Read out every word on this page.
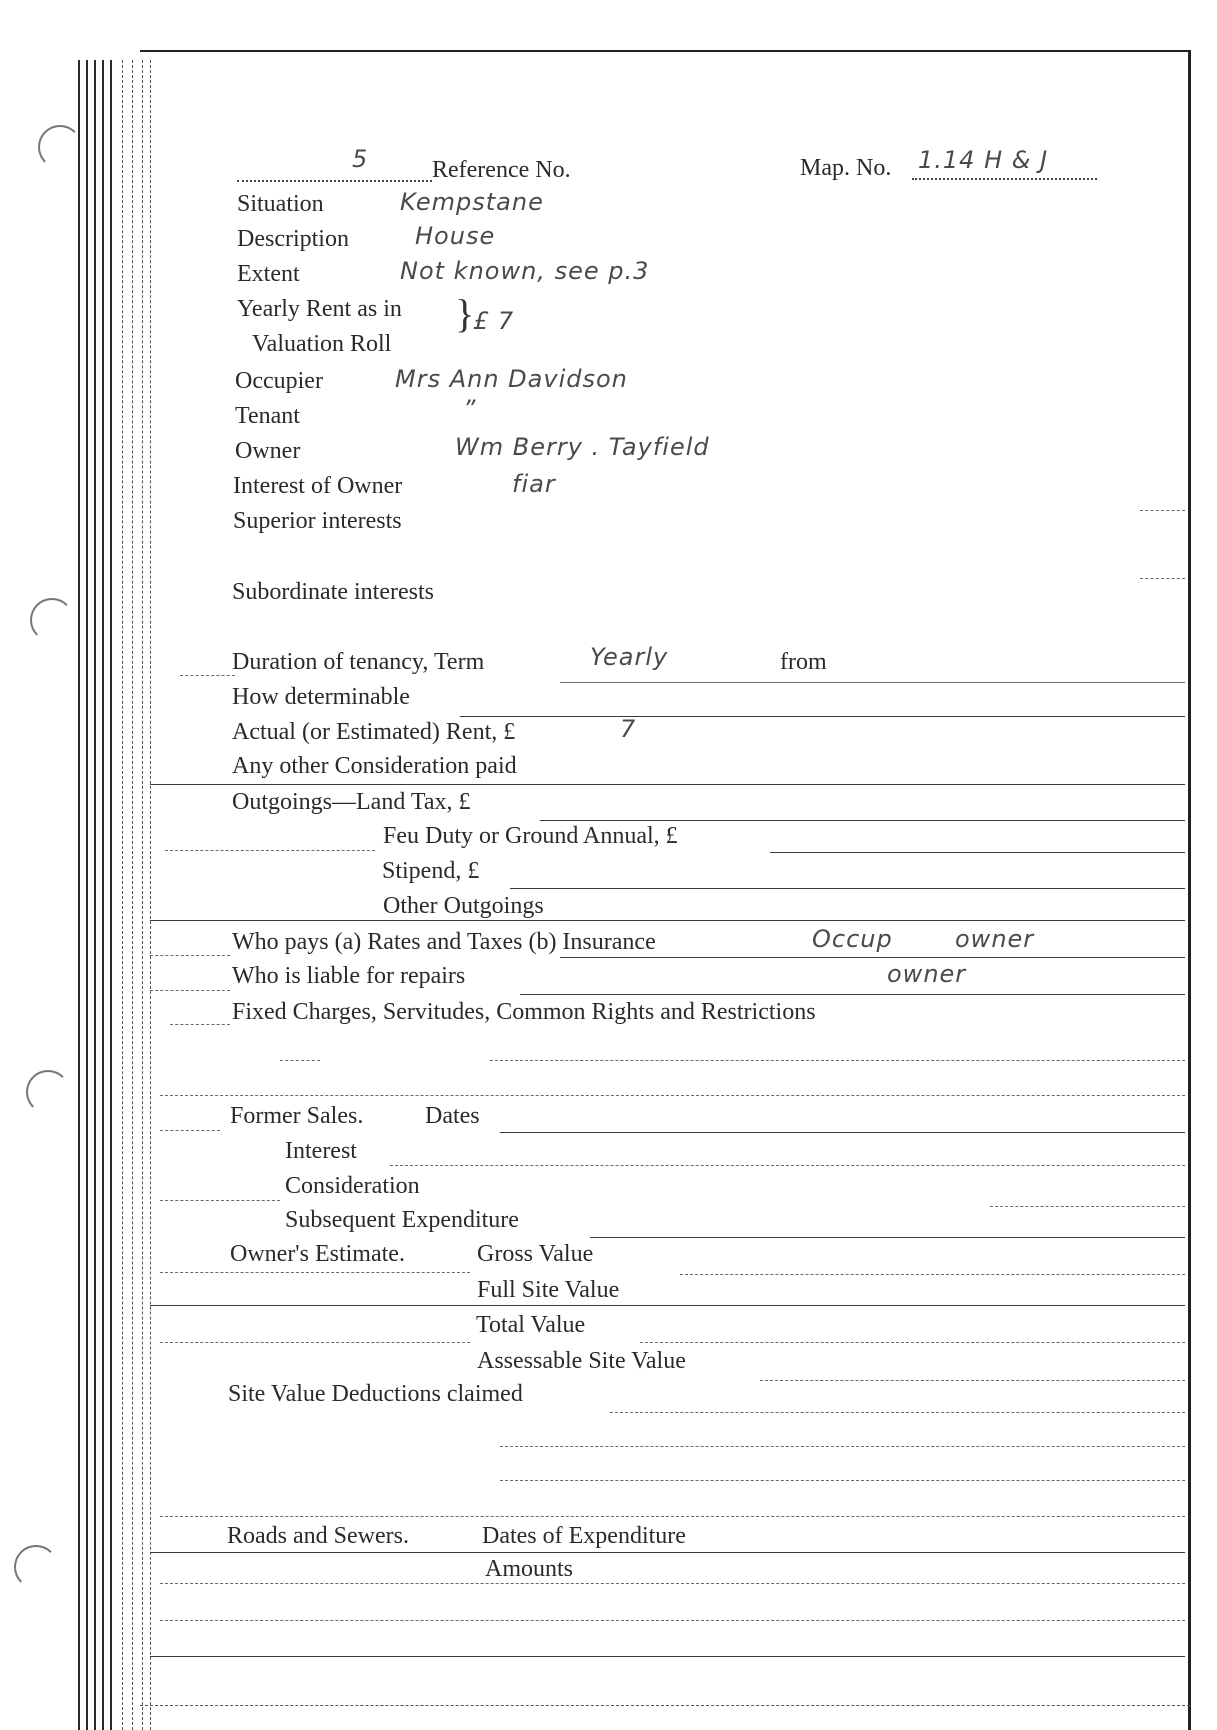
5	Reference No.	Map. No. 1.14 H & J
Situation	Kempstane
Description	House
Extent	Not known, see p.3
Yearly Rent as in
Valuation Roll
}
£ 7
Occupier	Mrs Ann Davidson
Tenant	”
Owner	Wm Berry . Tayfield
Interest of Owner	fiar
Superior interests
Subordinate interests
Duration of tenancy, Term	Yearly	from
How determinable
Actual (or Estimated) Rent, £	7
Any other Consideration paid
Outgoings—Land Tax, £
Feu Duty or Ground Annual, £
Stipend, £
Other Outgoings
Who pays (a) Rates and Taxes (b) Insurance	Occup	owner
Who is liable for repairs	owner
Fixed Charges, Servitudes, Common Rights and Restrictions
Former Sales.	Dates
Interest
Consideration
Subsequent Expenditure
Owner's Estimate.	Gross Value
Full Site Value
Total Value
Assessable Site Value
Site Value Deductions claimed
Roads and Sewers.	Dates of Expenditure
Amounts
